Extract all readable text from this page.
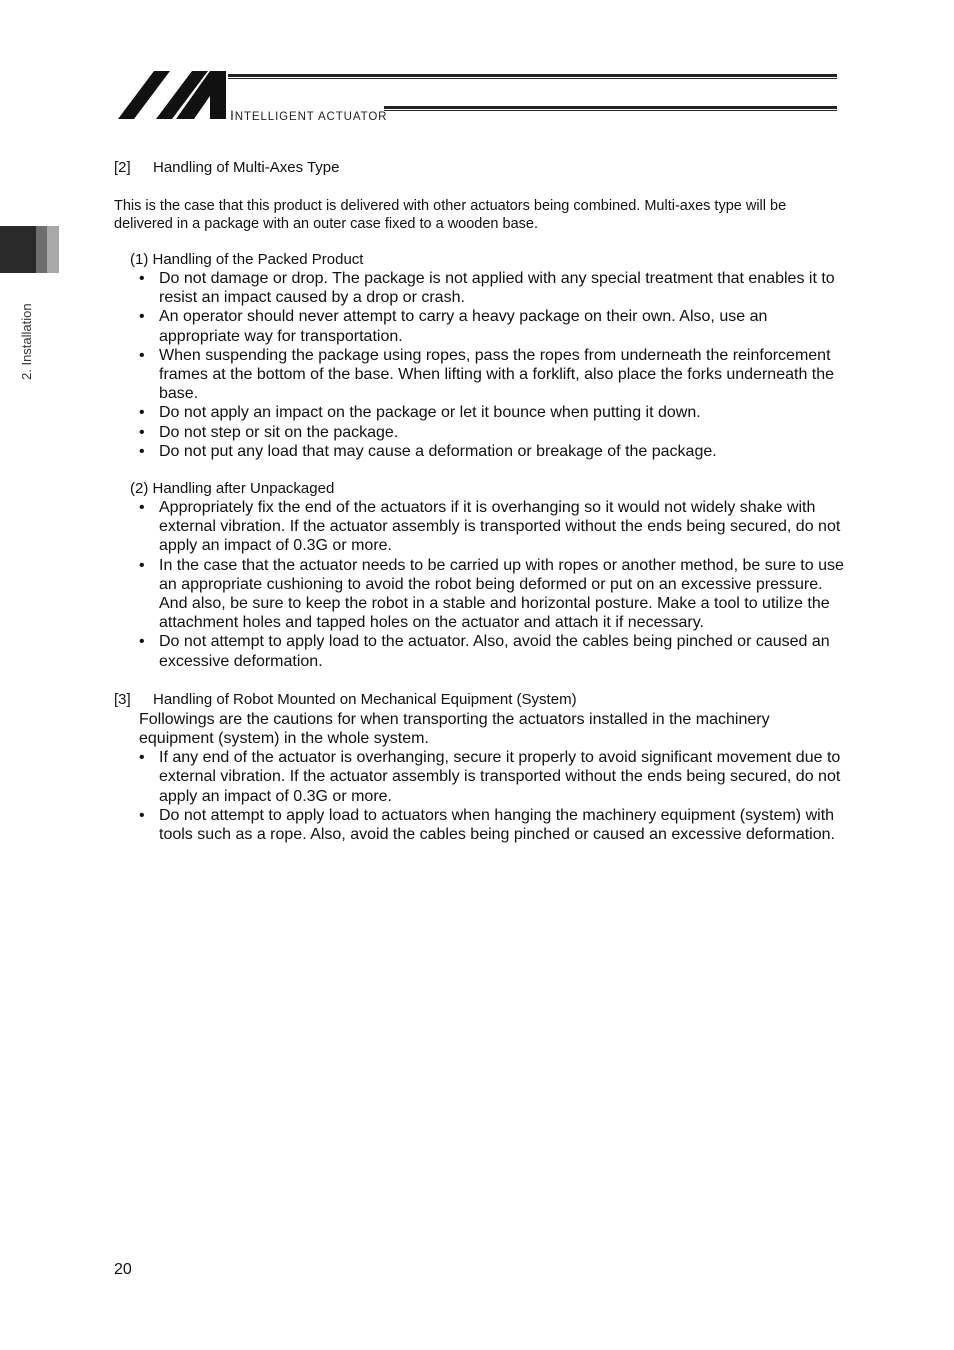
INTELLIGENT ACTUATOR
2. Installation
[2]	Handling of Multi-Axes Type

This is the case that this product is delivered with other actuators being combined. Multi-axes type will be delivered in a package with an outer case fixed to a wooden base.

(1) Handling of the Packed Product
• Do not damage or drop. The package is not applied with any special treatment that enables it to resist an impact caused by a drop or crash.
• An operator should never attempt to carry a heavy package on their own. Also, use an appropriate way for transportation.
• When suspending the package using ropes, pass the ropes from underneath the reinforcement frames at the bottom of the base. When lifting with a forklift, also place the forks underneath the base.
• Do not apply an impact on the package or let it bounce when putting it down.
• Do not step or sit on the package.
• Do not put any load that may cause a deformation or breakage of the package.
(2) Handling after Unpackaged
• Appropriately fix the end of the actuators if it is overhanging so it would not widely shake with external vibration. If the actuator assembly is transported without the ends being secured, do not apply an impact of 0.3G or more.
• In the case that the actuator needs to be carried up with ropes or another method, be sure to use an appropriate cushioning to avoid the robot being deformed or put on an excessive pressure. And also, be sure to keep the robot in a stable and horizontal posture. Make a tool to utilize the attachment holes and tapped holes on the actuator and attach it if necessary.
• Do not attempt to apply load to the actuator. Also, avoid the cables being pinched or caused an excessive deformation.
[3]	Handling of Robot Mounted on Mechanical Equipment (System)
Followings are the cautions for when transporting the actuators installed in the machinery equipment (system) in the whole system.
• If any end of the actuator is overhanging, secure it properly to avoid significant movement due to external vibration. If the actuator assembly is transported without the ends being secured, do not apply an impact of 0.3G or more.
• Do not attempt to apply load to actuators when hanging the machinery equipment (system) with tools such as a rope. Also, avoid the cables being pinched or caused an excessive deformation.
20
